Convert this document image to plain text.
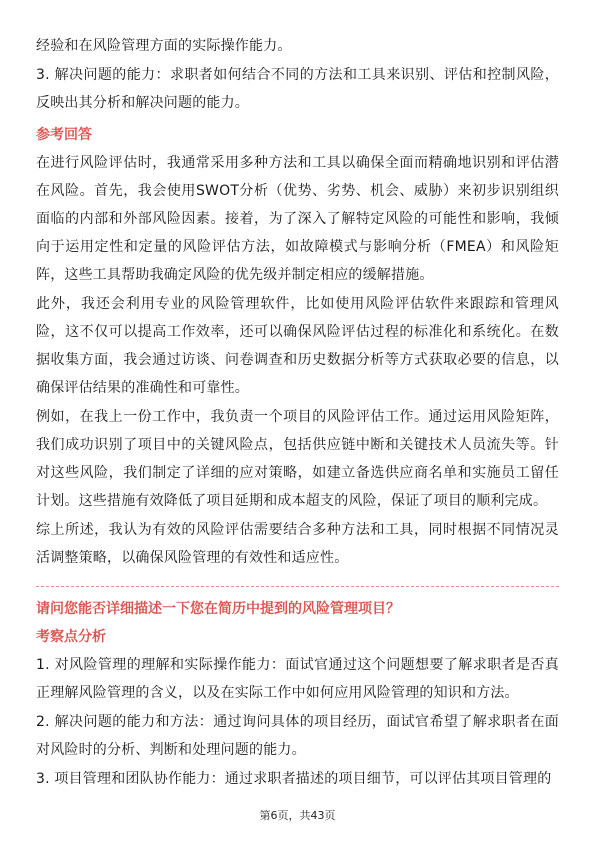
经验和在风险管理方面的实际操作能力。

3. 解决问题的能力：求职者如何结合不同的方法和工具来识别、评估和控制风险，反映出其分析和解决问题的能力。

参考回答

在进行风险评估时，我通常采用多种方法和工具以确保全面而精确地识别和评估潜在风险。首先，我会使用SWOT分析（优势、劣势、机会、威胁）来初步识别组织面临的内部和外部风险因素。接着，为了深入了解特定风险的可能性和影响，我倾向于运用定性和定量的风险评估方法，如故障模式与影响分析（FMEA）和风险矩阵，这些工具帮助我确定风险的优先级并制定相应的缓解措施。

此外，我还会利用专业的风险管理软件，比如使用风险评估软件来跟踪和管理风险，这不仅可以提高工作效率，还可以确保风险评估过程的标准化和系统化。在数据收集方面，我会通过访谈、问卷调查和历史数据分析等方式获取必要的信息，以确保评估结果的准确性和可靠性。

例如，在我上一份工作中，我负责一个项目的风险评估工作。通过运用风险矩阵，我们成功识别了项目中的关键风险点，包括供应链中断和关键技术人员流失等。针对这些风险，我们制定了详细的应对策略，如建立备选供应商名单和实施员工留任计划。这些措施有效降低了项目延期和成本超支的风险，保证了项目的顺利完成。

综上所述，我认为有效的风险评估需要结合多种方法和工具，同时根据不同情况灵活调整策略，以确保风险管理的有效性和适应性。

请问您能否详细描述一下您在简历中提到的风险管理项目？

考察点分析

1. 对风险管理的理解和实际操作能力：面试官通过这个问题想要了解求职者是否真正理解风险管理的含义，以及在实际工作中如何应用风险管理的知识和方法。

2. 解决问题的能力和方法：通过询问具体的项目经历，面试官希望了解求职者在面对风险时的分析、判断和处理问题的能力。

3. 项目管理和团队协作能力：通过求职者描述的项目细节，可以评估其项目管理的

第6页，共43页
